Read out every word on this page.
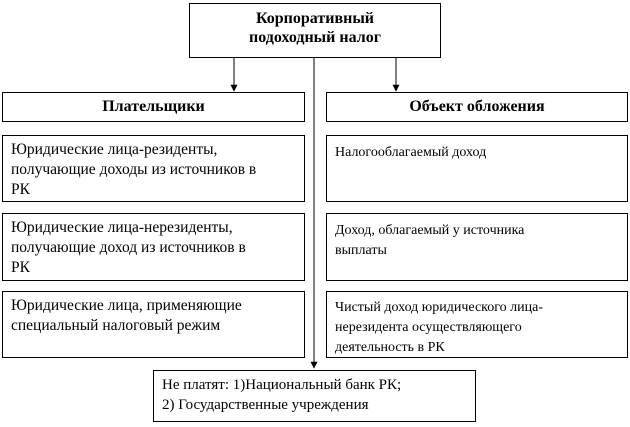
Корпоративный
подоходный налог
Плательщики	Объект обложения
Юридические лица-резиденты,
получающие доходы из источников в
РК
Юридические лица-нерезиденты,
получающие доход из источников в
РК
Юридические лица, применяющие
специальный налоговый режим
Налогооблагаемый доход
Доход, облагаемый у источника
выплаты
Чистый доход юридического лица-
нерезидента осуществляющего
деятельность в РК
Не платят: 1)Национальный банк РК;
2) Государственные учреждения
